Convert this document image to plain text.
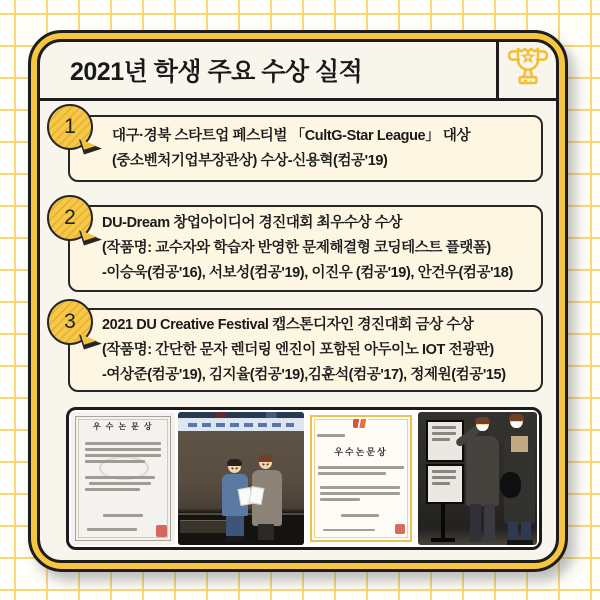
2021년 학생 주요 수상 실적
1 대구·경북 스타트업 페스티벌 「CultG-Star League」 대상
(중소벤처기업부장관상) 수상-신용혁(컴공'19)
2 DU-Dream 창업아이디어 경진대회 최우수상 수상
(작품명: 교수자와 학습자 반영한 문제해결형 코딩테스트 플랫폼)
-이승욱(컴공'16), 서보성(컴공'19), 이진우 (컴공'19), 안건우(컴공'18)
3 2021 DU Creative Festival 캡스톤디자인 경진대회 금상 수상
(작품명: 간단한 문자 렌더링 엔진이 포함된 아두이노 IOT 전광판)
-여상준(컴공'19), 김지율(컴공'19),김훈석(컴공'17), 정제원(컴공'15)
우 수 논 문 상
우수논문상
